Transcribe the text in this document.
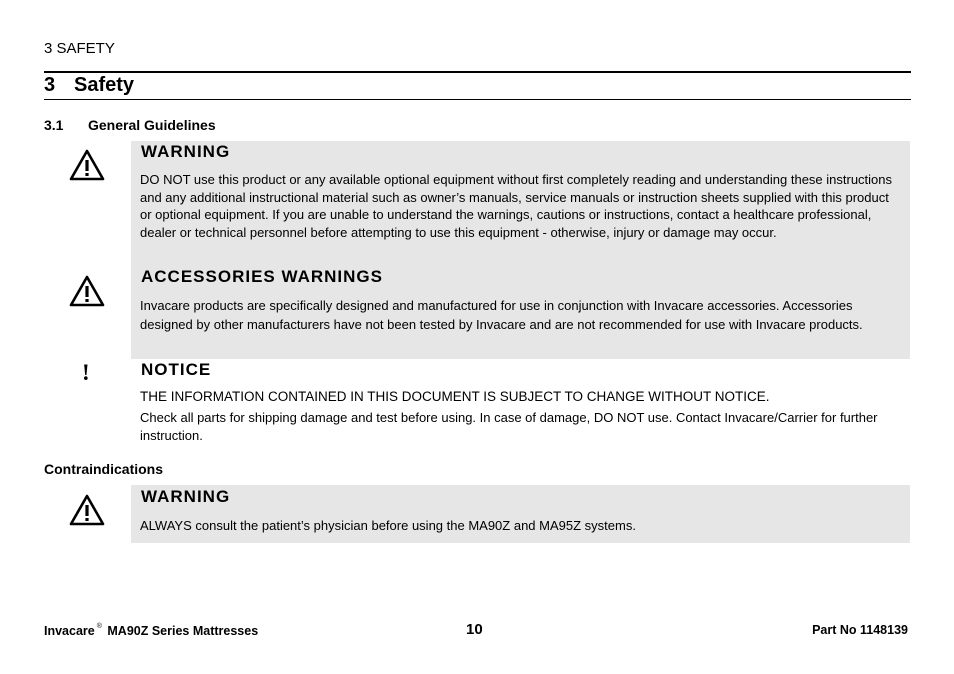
3 SAFETY
3 Safety
3.1	General Guidelines
WARNING
DO NOT use this product or any available optional equipment without first completely reading and understanding these instructions and any additional instructional material such as owner’s manuals, service manuals or instruction sheets supplied with this product or optional equipment. If you are unable to understand the warnings, cautions or instructions, contact a healthcare professional, dealer or technical personnel before attempting to use this equipment - otherwise, injury or damage may occur.
ACCESSORIES WARNINGS
Invacare products are specifically designed and manufactured for use in conjunction with Invacare accessories. Accessories designed by other manufacturers have not been tested by Invacare and are not recommended for use with Invacare products.
!	NOTICE
THE INFORMATION CONTAINED IN THIS DOCUMENT IS SUBJECT TO CHANGE WITHOUT NOTICE.
Check all parts for shipping damage and test before using. In case of damage, DO NOT use. Contact Invacare/Carrier for further instruction.
Contraindications
WARNING
ALWAYS consult the patient’s physician before using the MA90Z and MA95Z systems.
Invacare ® MA90Z Series Mattresses	10	Part No 1148139
